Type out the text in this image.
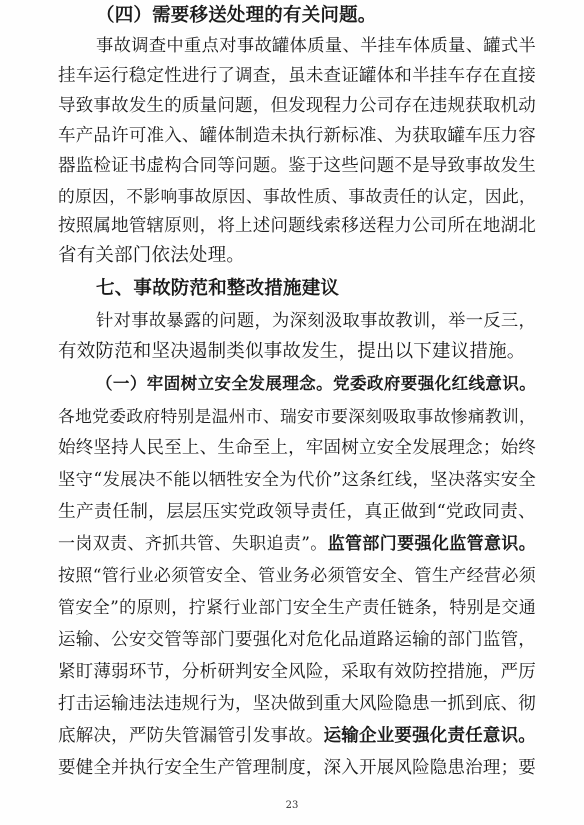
（四）需要移送处理的有关问题。
事故调查中重点对事故罐体质量、半挂车体质量、罐式半
挂车运行稳定性进行了调查，虽未查证罐体和半挂车存在直接
导致事故发生的质量问题，但发现程力公司存在违规获取机动
车产品许可准入、罐体制造未执行新标准、为获取罐车压力容
器监检证书虚构合同等问题。鉴于这些问题不是导致事故发生
的原因，不影响事故原因、事故性质、事故责任的认定，因此，
按照属地管辖原则，将上述问题线索移送程力公司所在地湖北
省有关部门依法处理。
七、事故防范和整改措施建议
针对事故暴露的问题，为深刻汲取事故教训，举一反三，
有效防范和坚决遏制类似事故发生，提出以下建议措施。
（一）牢固树立安全发展理念。党委政府要强化红线意识。
各地党委政府特别是温州市、瑞安市要深刻吸取事故惨痛教训，
始终坚持人民至上、生命至上，牢固树立安全发展理念；始终
坚守“发展决不能以牺牲安全为代价”这条红线，坚决落实安全
生产责任制，层层压实党政领导责任，真正做到“党政同责、
一岗双责、齐抓共管、失职追责”。监管部门要强化监管意识。
按照“管行业必须管安全、管业务必须管安全、管生产经营必须
管安全”的原则，拧紧行业部门安全生产责任链条，特别是交通
运输、公安交管等部门要强化对危化品道路运输的部门监管，
紧盯薄弱环节，分析研判安全风险，采取有效防控措施，严厉
打击运输违法违规行为，坚决做到重大风险隐患一抓到底、彻
底解决，严防失管漏管引发事故。运输企业要强化责任意识。
要健全并执行安全生产管理制度，深入开展风险隐患治理；要
23
